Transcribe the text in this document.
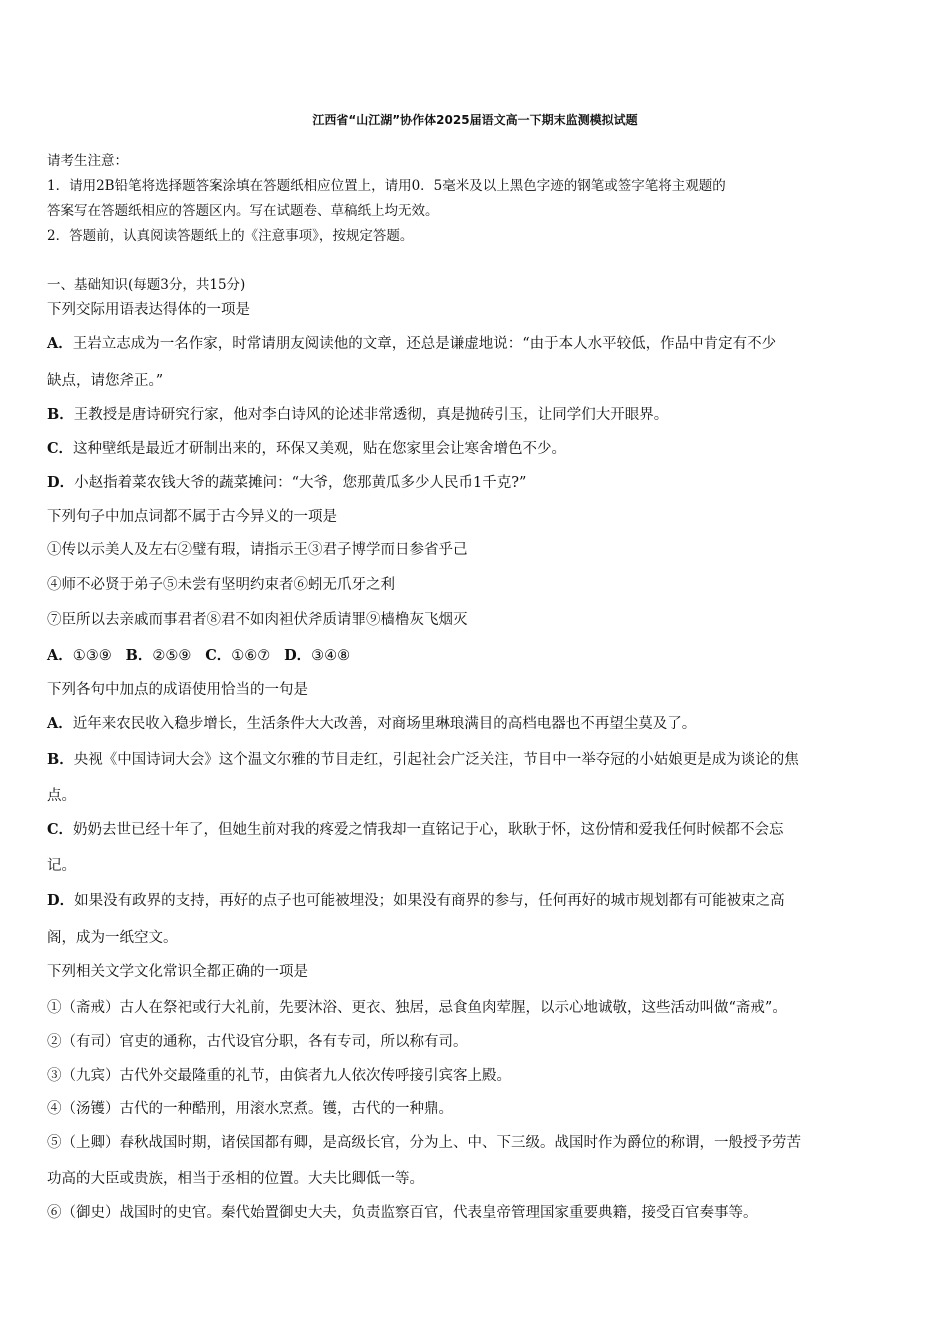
江西省“山江湖”协作体2025届语文高一下期末监测模拟试题
请考生注意：
1．请用2B铅笔将选择题答案涂填在答题纸相应位置上，请用0．5毫米及以上黑色字迹的钢笔或签字笔将主观题的
答案写在答题纸相应的答题区内。写在试题卷、草稿纸上均无效。
2．答题前，认真阅读答题纸上的《注意事项》，按规定答题。
一、基础知识(每题3分，共15分)
下列交际用语表达得体的一项是
A．王岩立志成为一名作家，时常请朋友阅读他的文章，还总是谦虚地说：“由于本人水平较低，作品中肯定有不少
缺点，请您斧正。”
B．王教授是唐诗研究行家，他对李白诗风的论述非常透彻，真是抛砖引玉，让同学们大开眼界。
C．这种壁纸是最近才研制出来的，环保又美观，贴在您家里会让寒舍增色不少。
D．小赵指着菜农钱大爷的蔬菜摊问：“大爷，您那黄瓜多少人民币1千克?”
下列句子中加点词都不属于古今异义的一项是
①传以示美人及左右②璧有瑕，请指示王③君子博学而日参省乎己
④师不必贤于弟子⑤未尝有坚明约束者⑥蚓无爪牙之利
⑦臣所以去亲戚而事君者⑧君不如肉袒伏斧质请罪⑨樯橹灰飞烟灭
A．①③⑨ B．②⑤⑨ C．①⑥⑦ D．③④⑧
下列各句中加点的成语使用恰当的一句是
A．近年来农民收入稳步增长，生活条件大大改善，对商场里琳琅满目的高档电器也不再望尘莫及了。
B．央视《中国诗词大会》这个温文尔雅的节目走红，引起社会广泛关注，节目中一举夺冠的小姑娘更是成为谈论的焦
点。
C．奶奶去世已经十年了，但她生前对我的疼爱之情我却一直铭记于心，耿耿于怀，这份情和爱我任何时候都不会忘
记。
D．如果没有政界的支持，再好的点子也可能被埋没；如果没有商界的参与，任何再好的城市规划都有可能被束之高
阁，成为一纸空文。
下列相关文学文化常识全都正确的一项是
①（斋戒）古人在祭祀或行大礼前，先要沐浴、更衣、独居，忌食鱼肉荤腥，以示心地诚敬，这些活动叫做“斋戒”。
②（有司）官吏的通称，古代设官分职，各有专司，所以称有司。
③（九宾）古代外交最隆重的礼节，由傧者九人依次传呼接引宾客上殿。
④（汤镬）古代的一种酷刑，用滚水烹煮。镬，古代的一种鼎。
⑤（上卿）春秋战国时期，诸侯国都有卿，是高级长官，分为上、中、下三级。战国时作为爵位的称谓，一般授予劳苦
功高的大臣或贵族，相当于丞相的位置。大夫比卿低一等。
⑥（御史）战国时的史官。秦代始置御史大夫，负责监察百官，代表皇帝管理国家重要典籍，接受百官奏事等。
